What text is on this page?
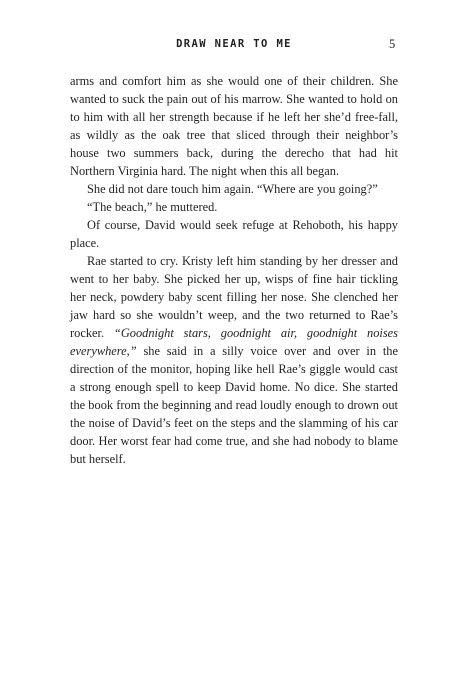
DRAW NEAR TO ME	5

arms and comfort him as she would one of their children. She wanted to suck the pain out of his marrow. She wanted to hold on to him with all her strength because if he left her she’d free-fall, as wildly as the oak tree that sliced through their neighbor’s house two summers back, during the derecho that had hit Northern Virginia hard. The night when this all began.

She did not dare touch him again. “Where are you going?”

“The beach,” he muttered.

Of course, David would seek refuge at Rehoboth, his happy place.

Rae started to cry. Kristy left him standing by her dresser and went to her baby. She picked her up, wisps of fine hair tickling her neck, powdery baby scent filling her nose. She clenched her jaw hard so she wouldn’t weep, and the two returned to Rae’s rocker. “Goodnight stars, goodnight air, goodnight noises everywhere,” she said in a silly voice over and over in the direction of the monitor, hoping like hell Rae’s giggle would cast a strong enough spell to keep David home. No dice. She started the book from the beginning and read loudly enough to drown out the noise of David’s feet on the steps and the slamming of his car door. Her worst fear had come true, and she had nobody to blame but herself.
